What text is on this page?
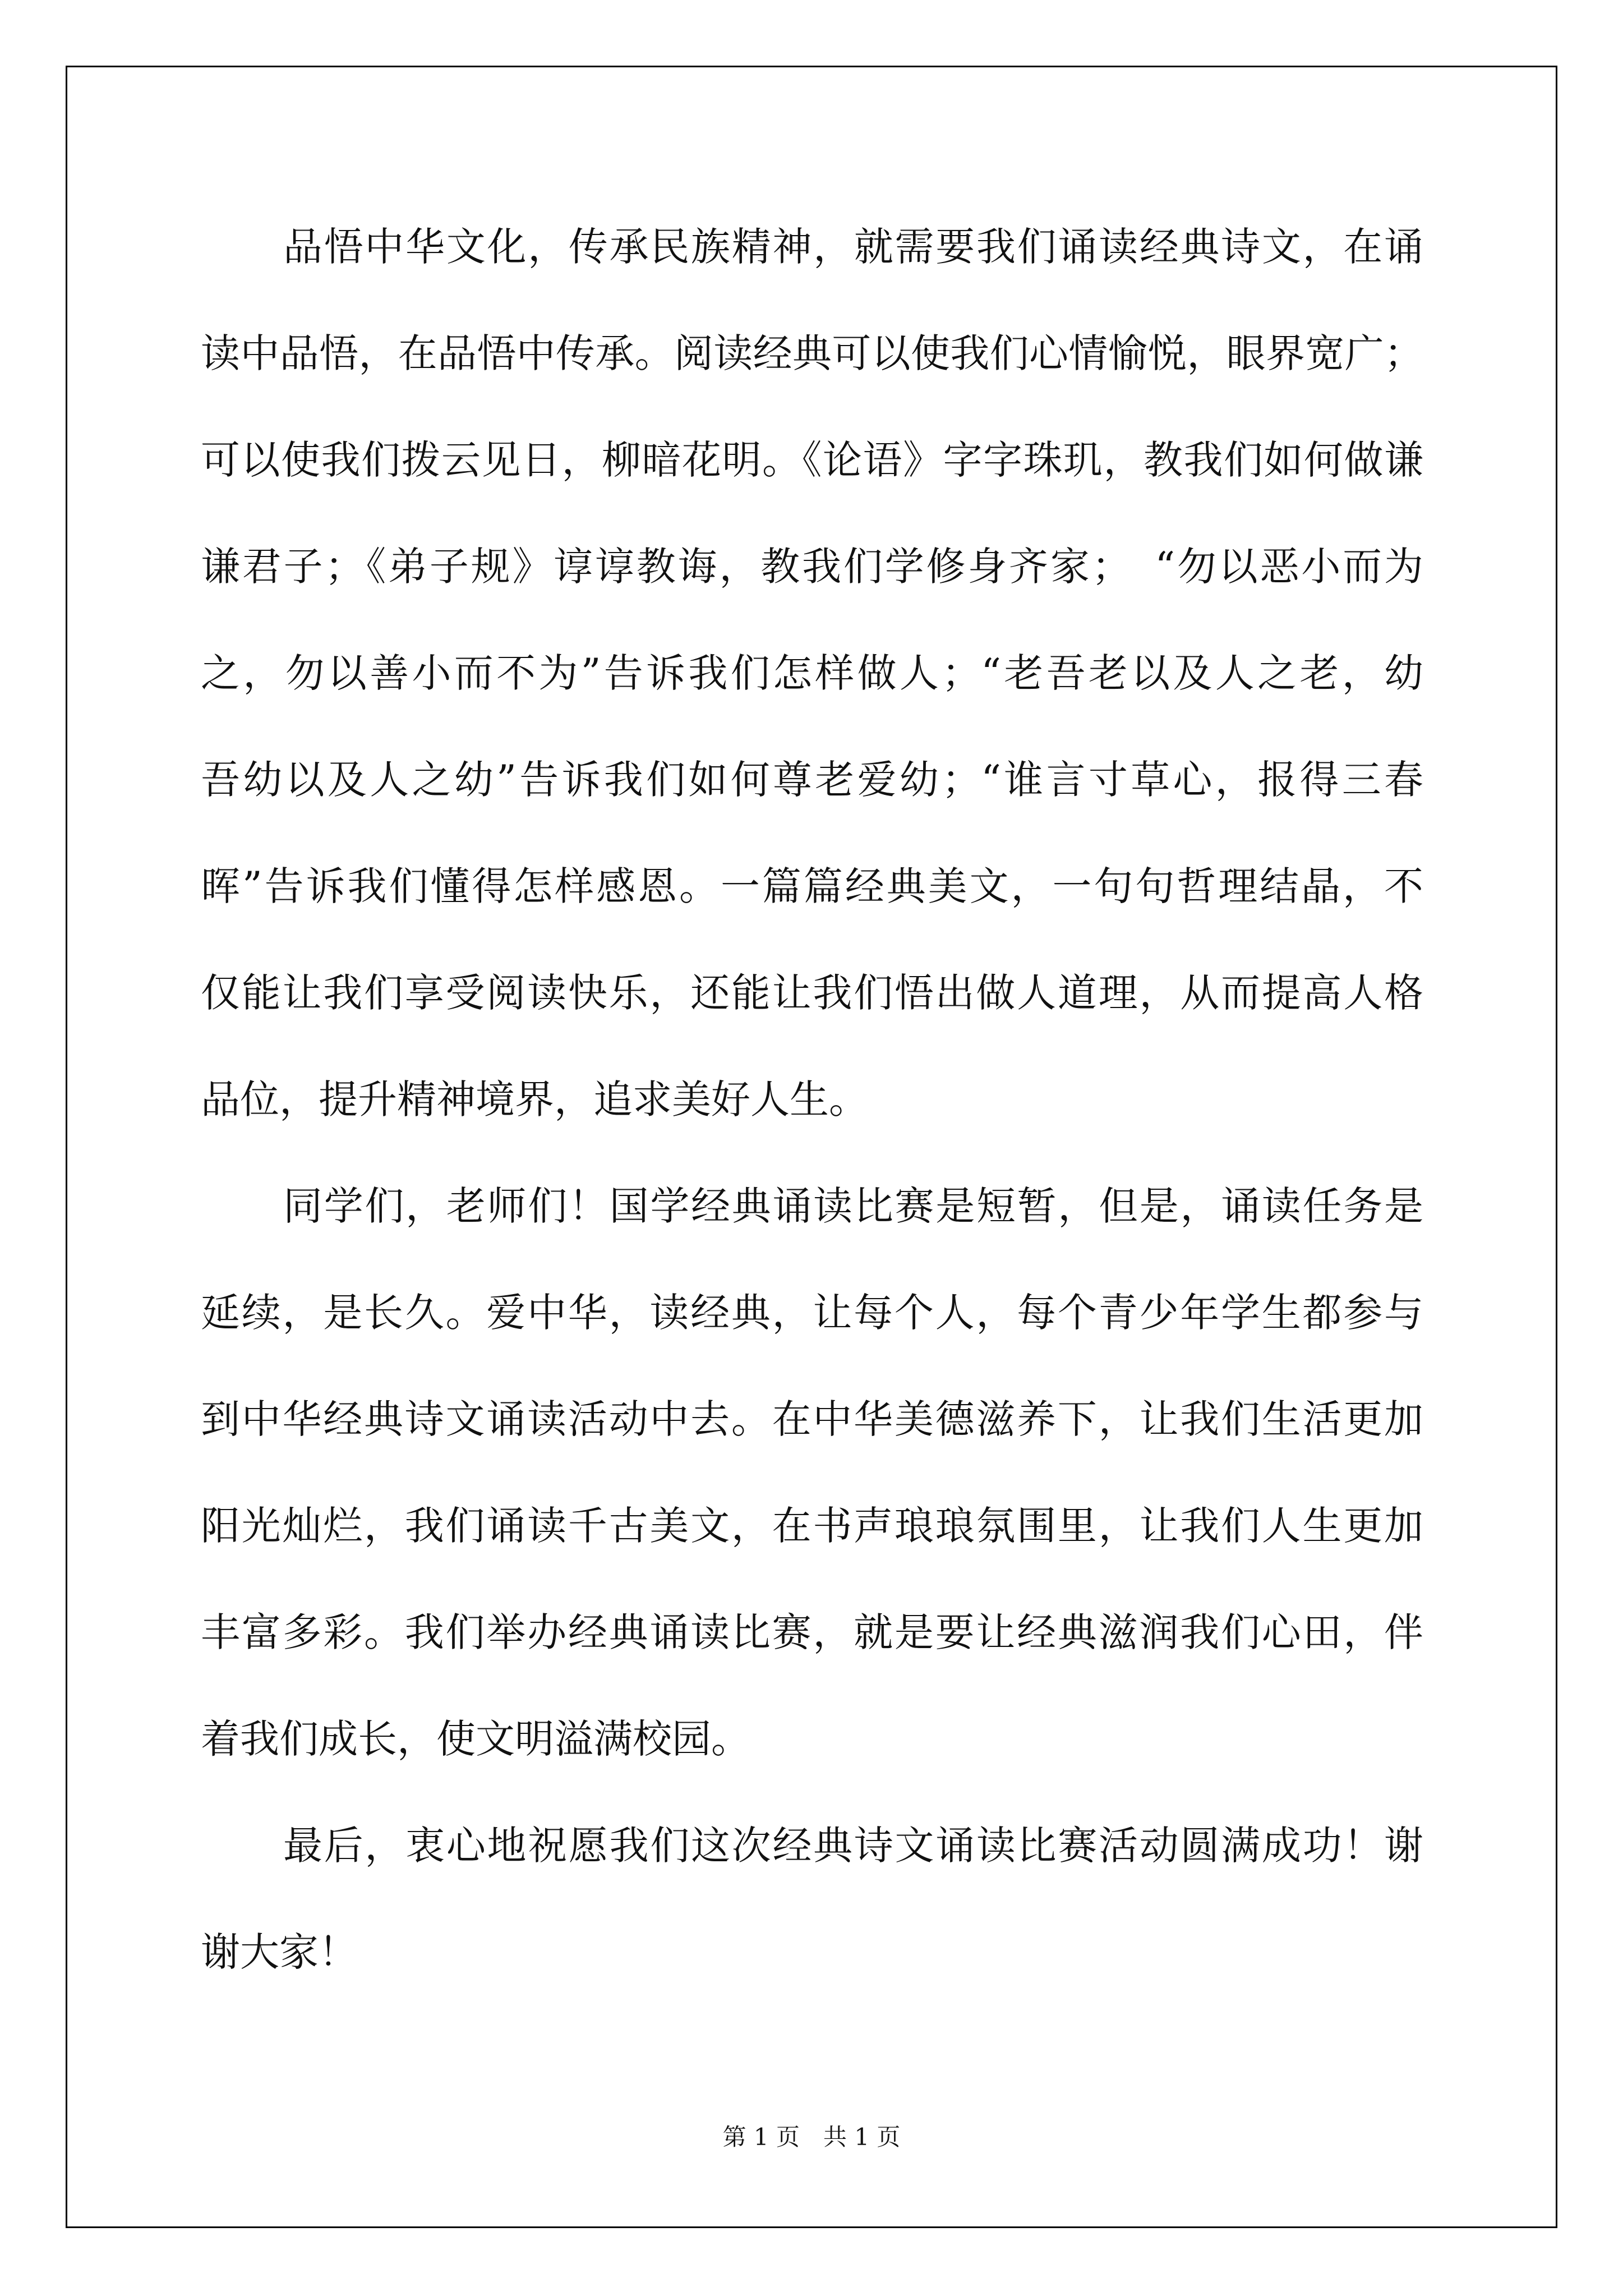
品悟中华文化，传承民族精神，就需要我们诵读经典诗文，在诵

读中品悟，在品悟中传承。阅读经典可以使我们心情愉悦，眼界宽广；

可以使我们拨云见日，柳暗花明。《论语》字字珠玑，教我们如何做谦

谦君子；《弟子规》谆谆教诲，教我们学修身齐家；　“勿以恶小而为

之，勿以善小而不为”告诉我们怎样做人；“老吾老以及人之老，幼

吾幼以及人之幼”告诉我们如何尊老爱幼；“谁言寸草心，报得三春

晖”告诉我们懂得怎样感恩。一篇篇经典美文，一句句哲理结晶，不

仅能让我们享受阅读快乐，还能让我们悟出做人道理，从而提高人格

品位，提升精神境界，追求美好人生。

同学们，老师们！国学经典诵读比赛是短暂，但是，诵读任务是

延续，是长久。爱中华，读经典，让每个人，每个青少年学生都参与

到中华经典诗文诵读活动中去。在中华美德滋养下，让我们生活更加

阳光灿烂，我们诵读千古美文，在书声琅琅氛围里，让我们人生更加

丰富多彩。我们举办经典诵读比赛，就是要让经典滋润我们心田，伴

着我们成长，使文明溢满校园。

最后，衷心地祝愿我们这次经典诗文诵读比赛活动圆满成功！谢

谢大家！

第 1 页　共 1 页
